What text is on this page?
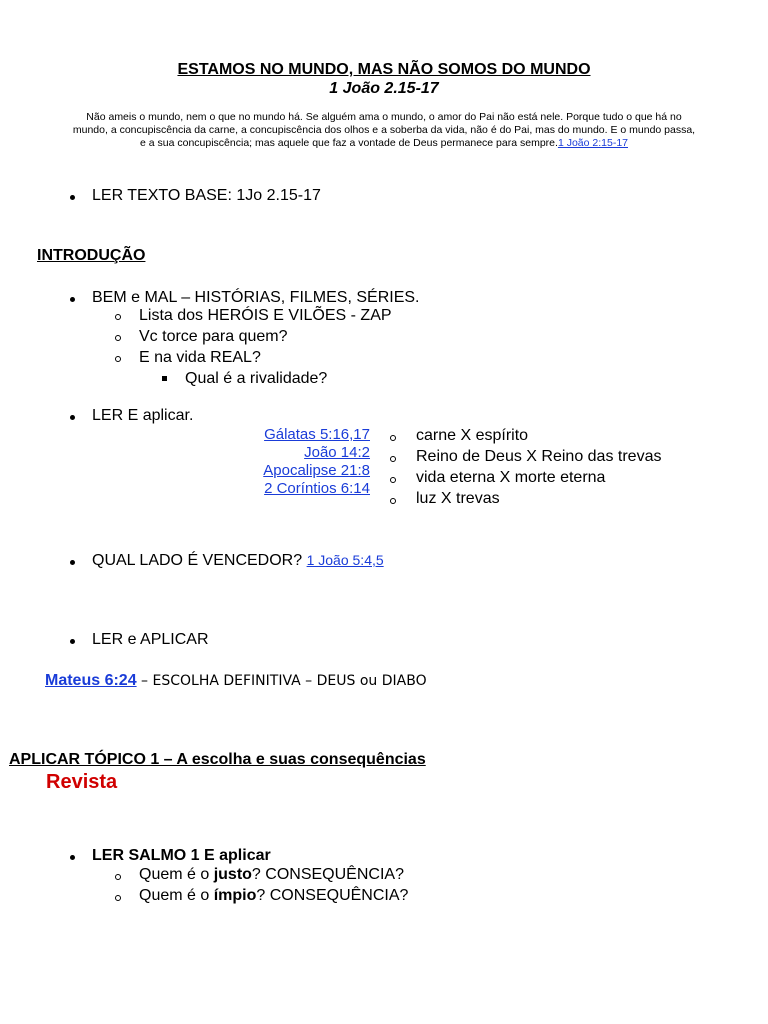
ESTAMOS NO MUNDO, MAS NÃO SOMOS DO MUNDO
1 João 2.15-17
Não ameis o mundo, nem o que no mundo há. Se alguém ama o mundo, o amor do Pai não está nele. Porque tudo o que há no
mundo, a concupiscência da carne, a concupiscência dos olhos e a soberba da vida, não é do Pai, mas do mundo. E o mundo passa,
e a sua concupiscência; mas aquele que faz a vontade de Deus permanece para sempre.1 João 2:15-17
LER TEXTO BASE: 1Jo 2.15-17
INTRODUÇÃO
BEM e MAL – HISTÓRIAS, FILMES, SÉRIES.
Lista dos HERÓIS E VILÕES - ZAP
Vc torce para quem?
E na vida REAL?
Qual é a rivalidade?
LER E aplicar.
Gálatas 5:16,17
João 14:2
Apocalipse 21:8
2 Coríntios 6:14
carne X espírito
Reino de Deus X Reino das trevas
vida eterna X morte eterna
luz X trevas
QUAL LADO É VENCEDOR? 1 João 5:4,5
LER e APLICAR
Mateus 6:24 – ESCOLHA DEFINITIVA – DEUS ou DIABO
APLICAR TÓPICO 1 – A escolha e suas consequências
Revista
LER SALMO 1 E aplicar
Quem é o justo? CONSEQUÊNCIA?
Quem é o ímpio? CONSEQUÊNCIA?
